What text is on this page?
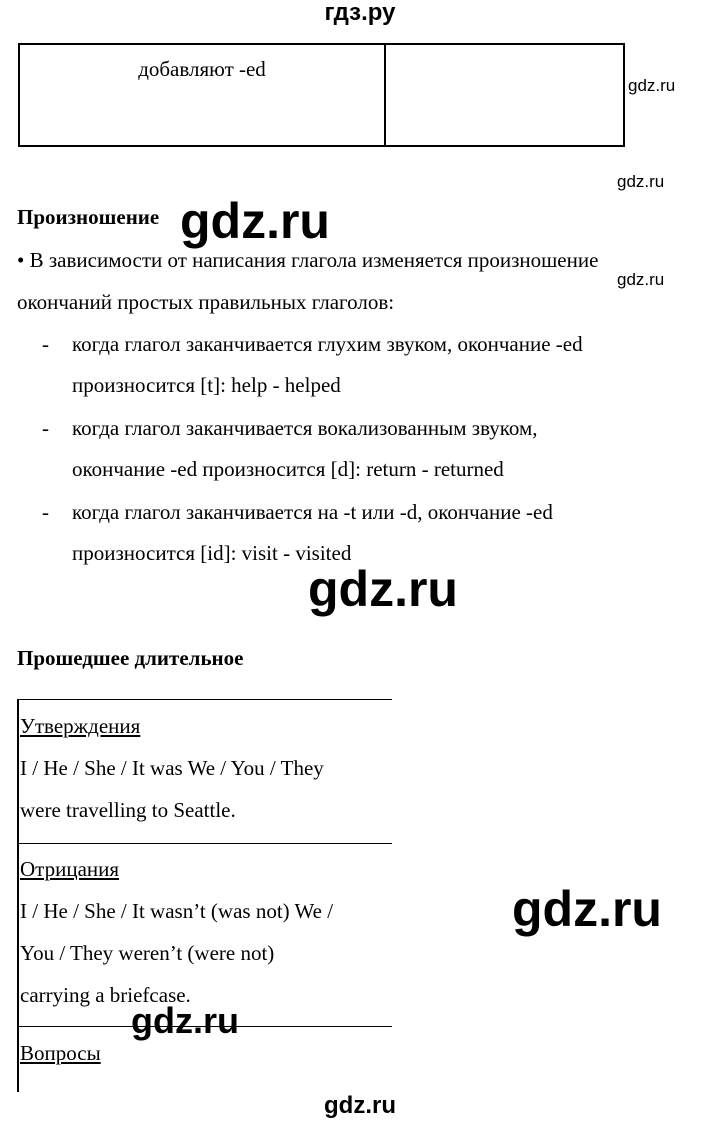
гдз.ру
добавляют -ed	
gdz.ru
gdz.ru
gdz.ru
Произношение gdz.ru
• В зависимости от написания глагола изменяется произношение
окончаний простых правильных глаголов:
- когда глагол заканчивается глухим звуком, окончание -ed
произносится [t]: help - helped
- когда глагол заканчивается вокализованным звуком,
окончание -ed произносится [d]: return - returned
- когда глагол заканчивается на -t или -d, окончание -ed
произносится [id]: visit - visited
gdz.ru
Прошедшее длительное
Утверждения
I / He / She / It was We / You / They
were travelling to Seattle.
Отрицания
I / He / She / It wasn’t (was not) We /
You / They weren’t (were not)
carrying a briefcase.
gdz.ru
Вопросы
gdz.ru
gdz.ru
